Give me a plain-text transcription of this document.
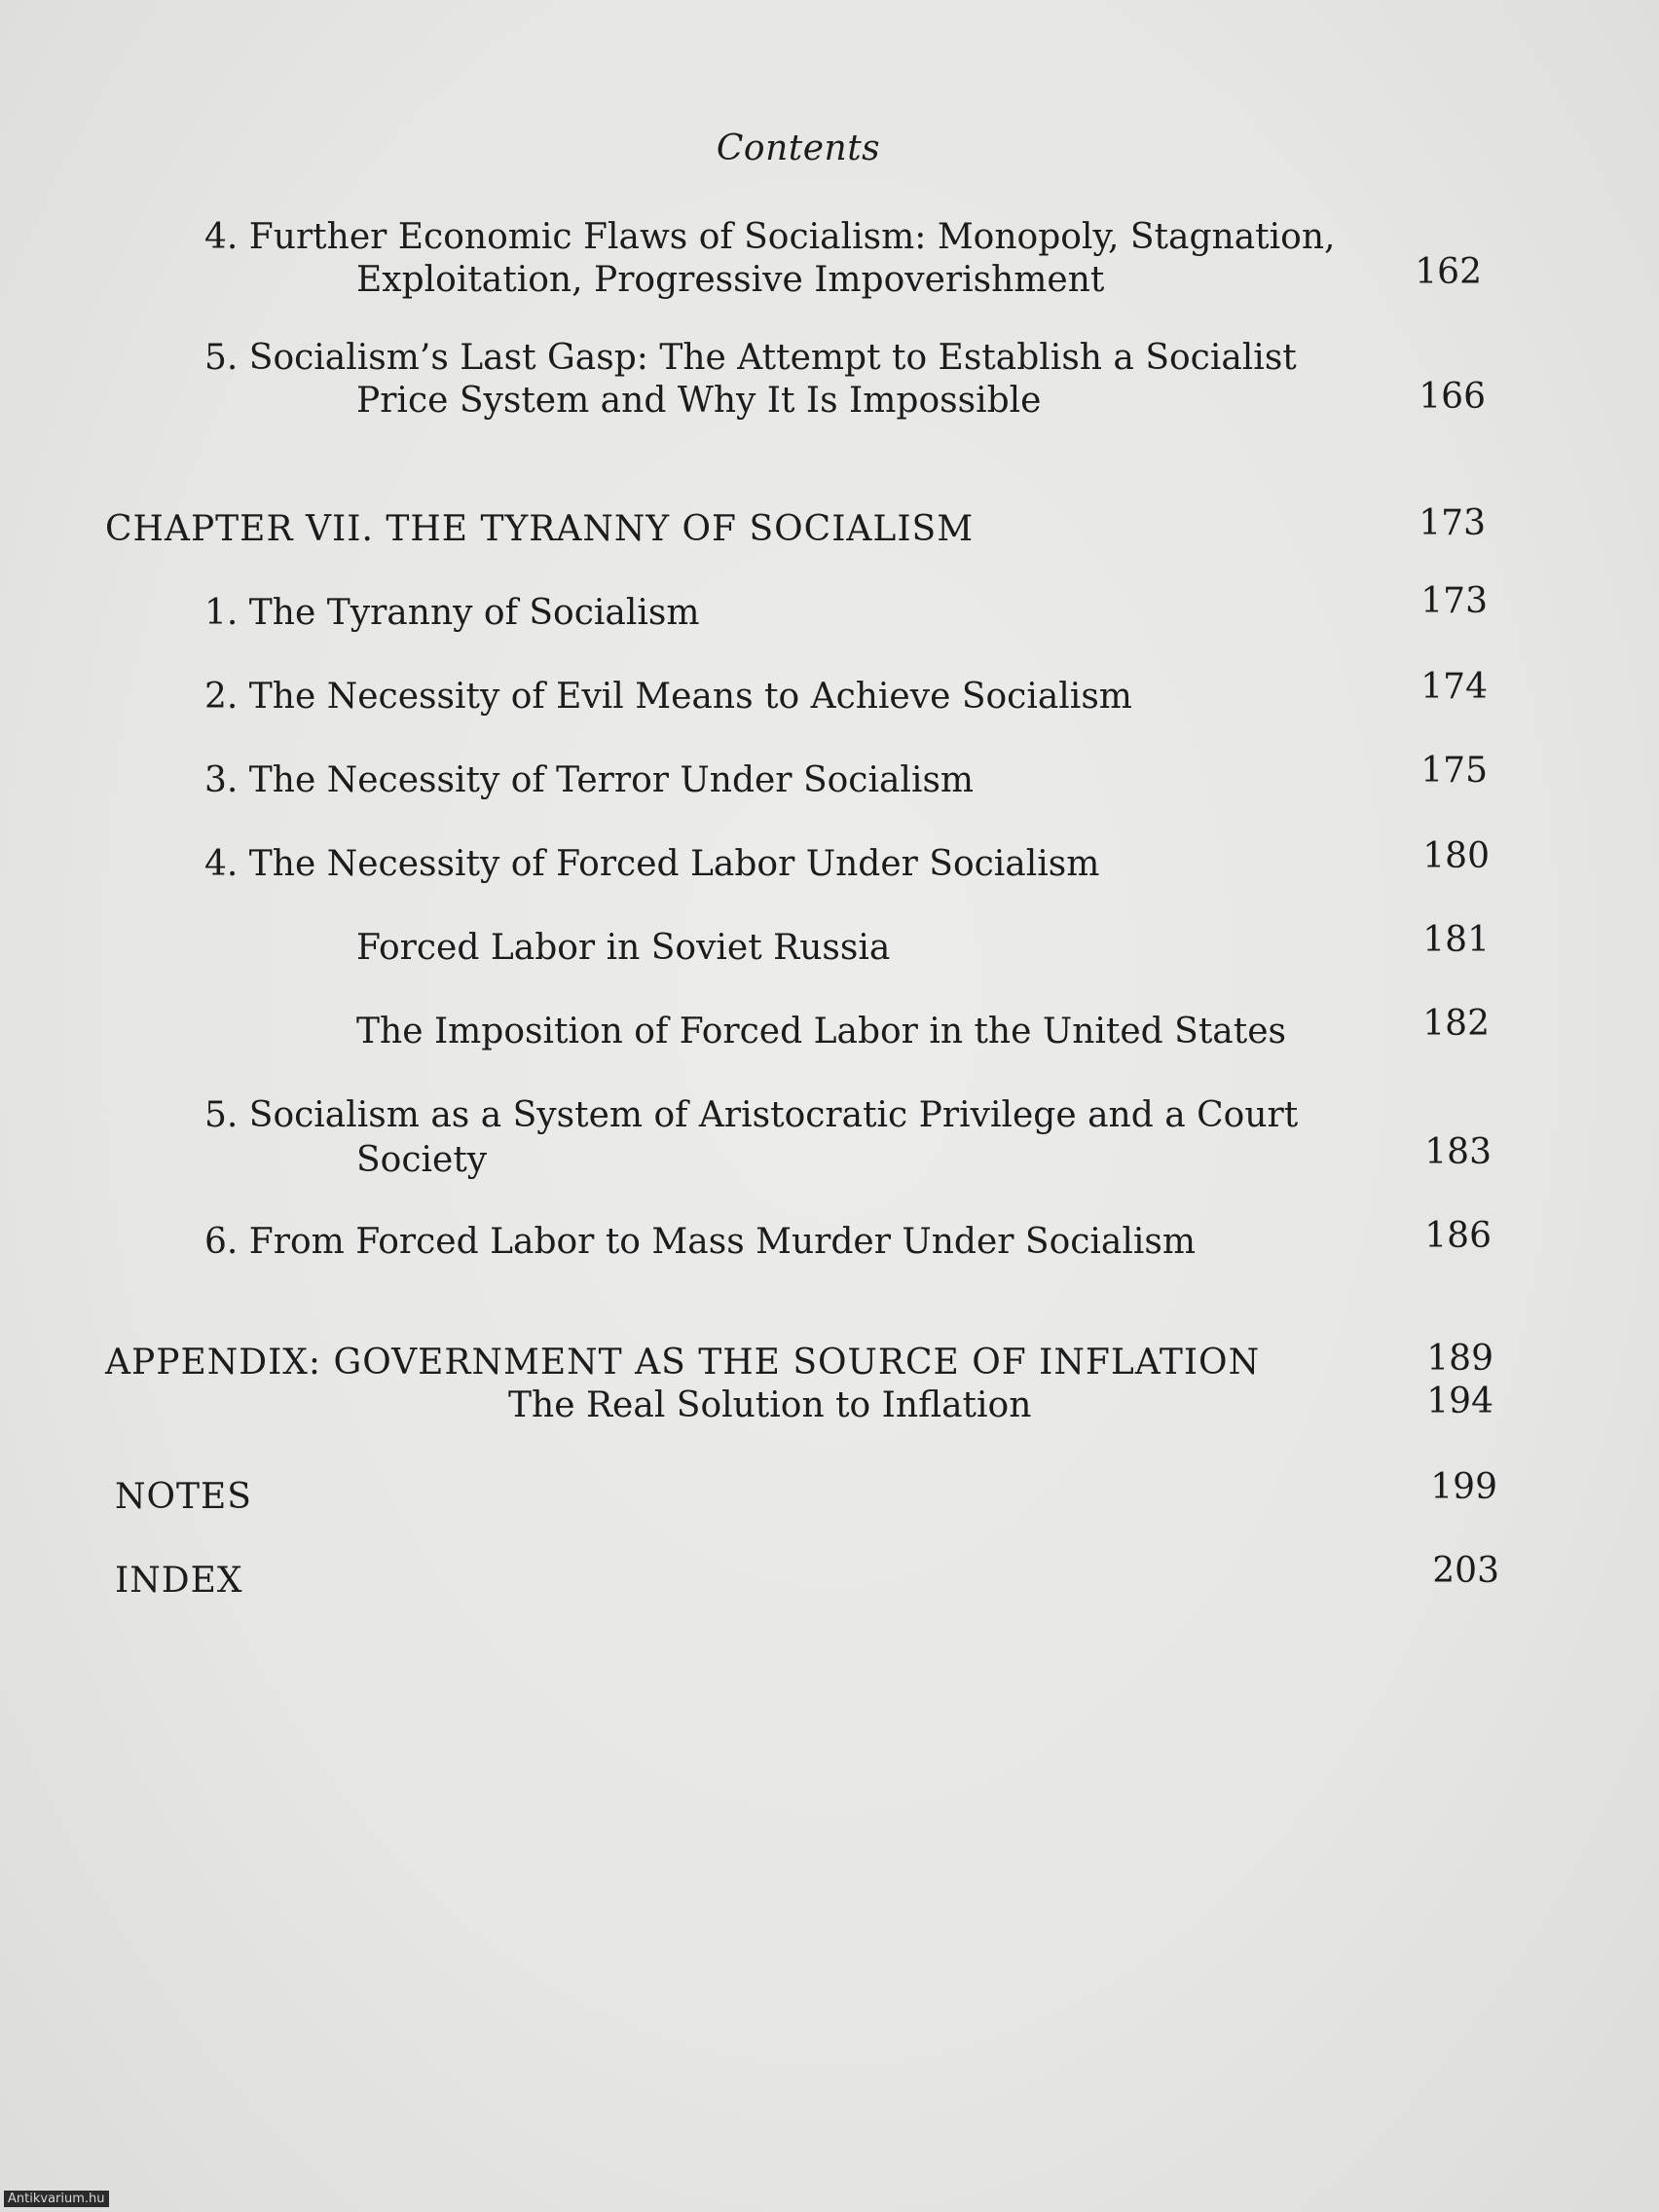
Contents
4. Further Economic Flaws of Socialism: Monopoly, Stagnation,
Exploitation, Progressive Impoverishment	162
5. Socialism’s Last Gasp: The Attempt to Establish a Socialist
Price System and Why It Is Impossible	166
CHAPTER VII. THE TYRANNY OF SOCIALISM	173
1. The Tyranny of Socialism	173
2. The Necessity of Evil Means to Achieve Socialism	174
3. The Necessity of Terror Under Socialism	175
4. The Necessity of Forced Labor Under Socialism	180
Forced Labor in Soviet Russia	181
The Imposition of Forced Labor in the United States	182
5. Socialism as a System of Aristocratic Privilege and a Court
Society	183
6. From Forced Labor to Mass Murder Under Socialism	186
APPENDIX: GOVERNMENT AS THE SOURCE OF INFLATION	189
The Real Solution to Inflation	194
NOTES	199
INDEX	203
Antikvarium.hu
